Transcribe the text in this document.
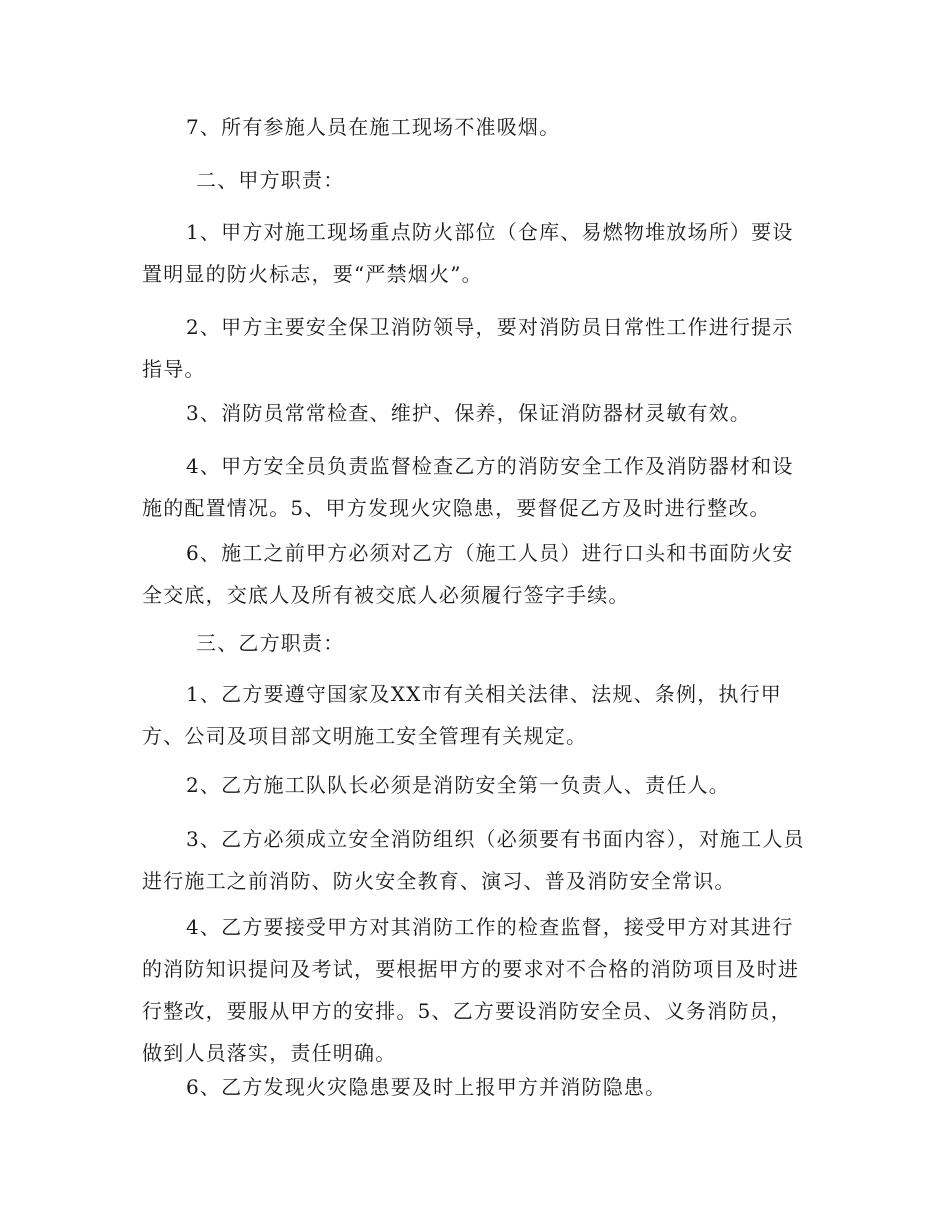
7、所有参施人员在施工现场不准吸烟。

二、甲方职责：

1、甲方对施工现场重点防火部位（仓库、易燃物堆放场所）要设置明显的防火标志，要“严禁烟火”。

2、甲方主要安全保卫消防领导，要对消防员日常性工作进行提示指导。

3、消防员常常检查、维护、保养，保证消防器材灵敏有效。

4、甲方安全员负责监督检查乙方的消防安全工作及消防器材和设施的配置情况。5、甲方发现火灾隐患，要督促乙方及时进行整改。

6、施工之前甲方必须对乙方（施工人员）进行口头和书面防火安全交底，交底人及所有被交底人必须履行签字手续。

三、乙方职责：

1、乙方要遵守国家及XX市有关相关法律、法规、条例，执行甲方、公司及项目部文明施工安全管理有关规定。

2、乙方施工队队长必须是消防安全第一负责人、责任人。

3、乙方必须成立安全消防组织（必须要有书面内容），对施工人员进行施工之前消防、防火安全教育、演习、普及消防安全常识。

4、乙方要接受甲方对其消防工作的检查监督，接受甲方对其进行的消防知识提问及考试，要根据甲方的要求对不合格的消防项目及时进行整改，要服从甲方的安排。5、乙方要设消防安全员、义务消防员，做到人员落实，责任明确。

6、乙方发现火灾隐患要及时上报甲方并消防隐患。
